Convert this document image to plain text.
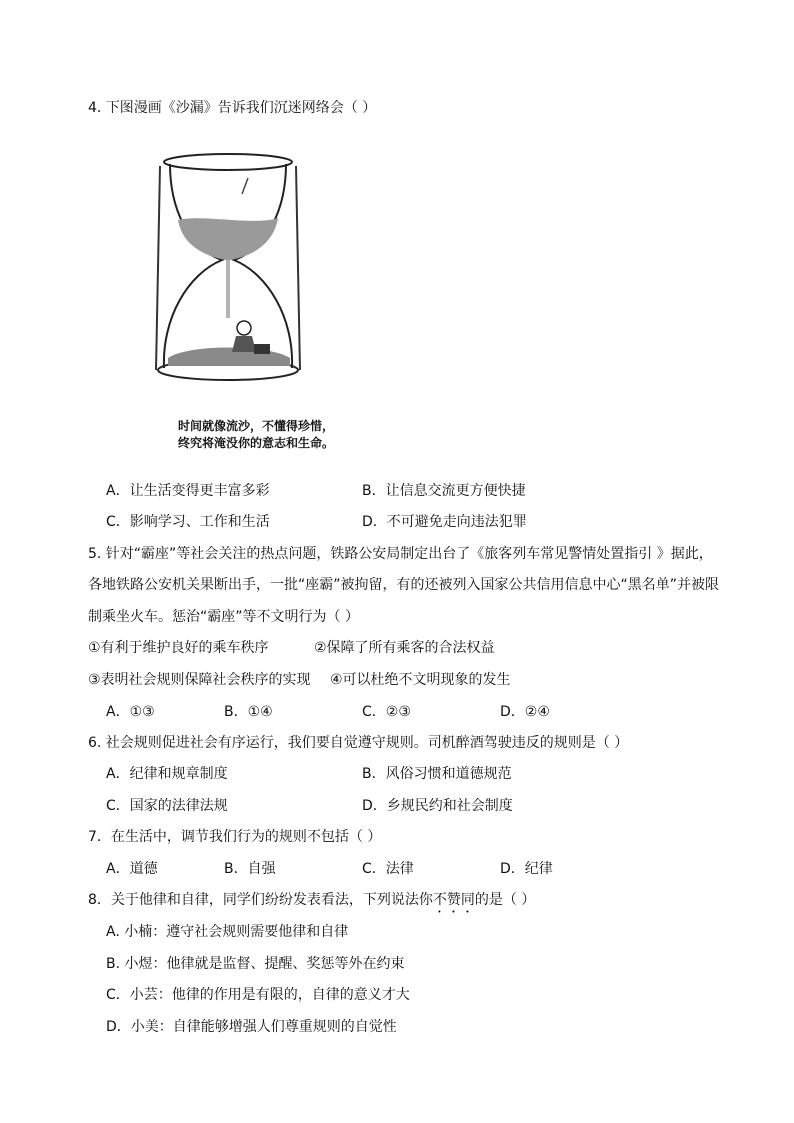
4. 下图漫画《沙漏》告诉我们沉迷网络会（ ）
时间就像流沙，不懂得珍惜，
终究将淹没你的意志和生命。
A．让生活变得更丰富多彩	B．让信息交流更方便快捷
C．影响学习、工作和生活	D．不可避免走向违法犯罪
5. 针对“霸座”等社会关注的热点问题，铁路公安局制定出台了《旅客列车常见警情处置指引 》据此，
各地铁路公安机关果断出手，一批“座霸”被拘留，有的还被列入国家公共信用信息中心“黑名单”并被限
制乘坐火车。惩治“霸座”等不文明行为（ ）
①有利于维护良好的乘车秩序	②保障了所有乘客的合法权益
③表明社会规则保障社会秩序的实现 ④可以杜绝不文明现象的发生
A．①③	B．①④	C．②③	D．②④
6. 社会规则促进社会有序运行，我们要自觉遵守规则。司机醉酒驾驶违反的规则是（ ）
A．纪律和规章制度	B．风俗习惯和道德规范
C．国家的法律法规	D．乡规民约和社会制度
7．在生活中，调节我们行为的规则不包括（ ）
A．道德	B．自强	C．法律	D．纪律
8．关于他律和自律，同学们纷纷发表看法，下列说法你不赞同的是（ ）
A. 小楠：遵守社会规则需要他律和自律
B. 小煜：他律就是监督、提醒、奖惩等外在约束
C．小芸：他律的作用是有限的，自律的意义才大
D．小美：自律能够增强人们尊重规则的自觉性
